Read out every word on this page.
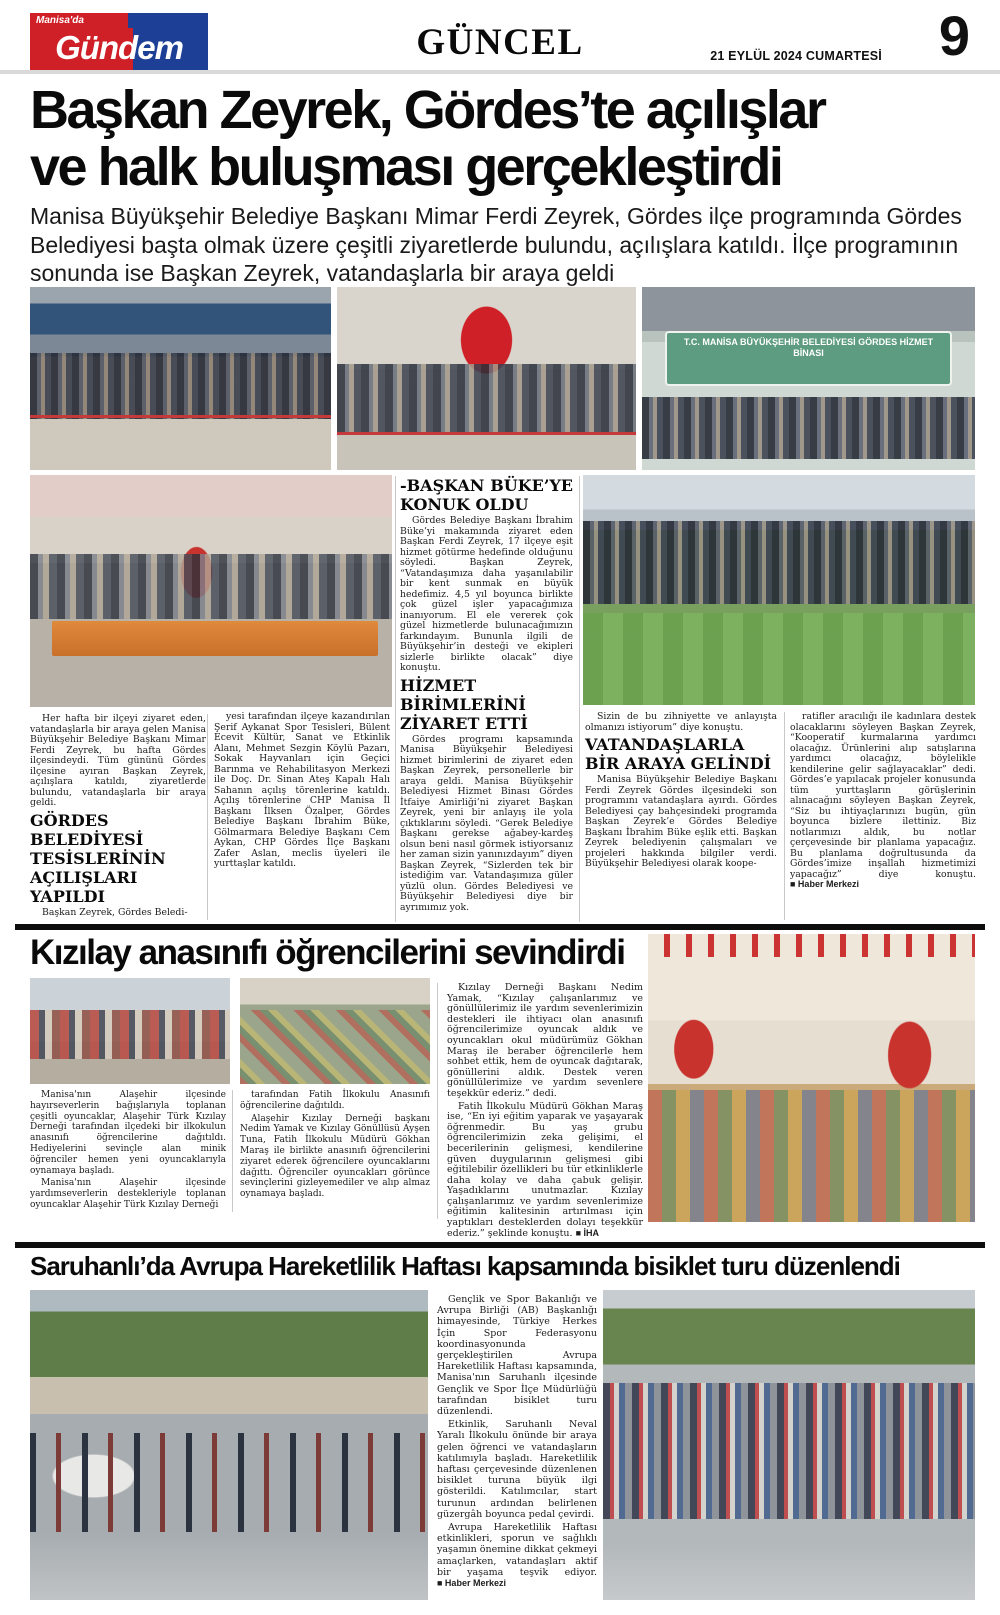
Manisa'da
Gündem	GÜNCEL	21 EYLÜL 2024 CUMARTESİ 9
Başkan Zeyrek, Gördes’te açılışlar
ve halk buluşması gerçekleştirdi
Manisa Büyükşehir Belediye Başkanı Mimar Ferdi Zeyrek, Gördes ilçe programında Gördes Belediyesi başta olmak üzere çeşitli ziyaretlerde bulundu, açılışlara katıldı. İlçe programının sonunda ise Başkan Zeyrek, vatandaşlarla bir araya geldi
T.C. MANİSA BÜYÜKŞEHİR BELEDİYESİ GÖRDES HİZMET BİNASI

Her hafta bir ilçeyi ziyaret eden, vatandaşlarla bir araya gelen Manisa Büyükşehir Belediye Başkanı Mimar Ferdi Zeyrek, bu hafta Gördes ilçesindeydi. Tüm gününü Gördes ilçesine ayıran Başkan Zeyrek, açılışlara katıldı, ziyaretlerde bulundu, vatandaşlarla bir araya geldi.

GÖRDES BELEDİYESİ TESİSLERİNİN AÇILIŞLARI YAPILDI

Başkan Zeyrek, Gördes Beledi-

yesi tarafından ilçeye kazandırılan Şerif Aykanat Spor Tesisleri, Bülent Ecevit Kültür, Sanat ve Etkinlik Alanı, Mehmet Sezgin Köylü Pazarı, Sokak Hayvanları için Geçici Barınma ve Rehabilitasyon Merkezi ile Doç. Dr. Sinan Ateş Kapalı Halı Sahanın açılış törenlerine katıldı. Açılış törenlerine CHP Manisa İl Başkanı İlksen Özalper, Gördes Belediye Başkanı İbrahim Büke, Gölmarmara Belediye Başkanı Cem Aykan, CHP Gördes İlçe Başkanı Zafer Aslan, meclis üyeleri ile yurttaşlar katıldı.

-BAŞKAN BÜKE’YE KONUK OLDU

Gördes Belediye Başkanı İbrahim Büke’yi makamında ziyaret eden Başkan Ferdi Zeyrek, 17 ilçeye eşit hizmet götürme hedefinde olduğunu söyledi. Başkan Zeyrek, “Vatandaşımıza daha yaşanılabilir bir kent sunmak en büyük hedefimiz. 4,5 yıl boyunca birlikte çok güzel işler yapacağımıza inanıyorum. El ele vererek çok güzel hizmetlerde bulunacağımızın farkındayım. Bununla ilgili de Büyükşehir’in desteği ve ekipleri sizlerle birlikte olacak” diye konuştu.

HİZMET BİRİMLERİNİ ZİYARET ETTİ

Gördes programı kapsamında Manisa Büyükşehir Belediyesi hizmet birimlerini de ziyaret eden Başkan Zeyrek, personellerle bir araya geldi. Manisa Büyükşehir Belediyesi Hizmet Binası Gördes İtfaiye Amirliği’ni ziyaret Başkan Zeyrek, yeni bir anlayış ile yola çıktıklarını söyledi. “Gerek Belediye Başkanı gerekse ağabey-kardeş olsun beni nasıl görmek istiyorsanız her zaman sizin yanınızdayım” diyen Başkan Zeyrek, “Sizlerden tek bir istediğim var. Vatandaşımıza güler yüzlü olun. Gördes Belediyesi ve Büyükşehir Belediyesi diye bir ayrımımız yok.

Sizin de bu zihniyette ve anlayışta olmanızı istiyorum” diye konuştu.

VATANDAŞLARLA BİR ARAYA GELİNDİ

Manisa Büyükşehir Belediye Başkanı Ferdi Zeyrek Gördes ilçesindeki son programını vatandaşlara ayırdı. Gördes Belediyesi çay bahçesindeki programda Başkan Zeyrek’e Gördes Belediye Başkanı İbrahim Büke eşlik etti. Başkan Zeyrek belediyenin çalışmaları ve projeleri hakkında bilgiler verdi. Büyükşehir Belediyesi olarak koope-

ratifler aracılığı ile kadınlara destek olacaklarını söyleyen Başkan Zeyrek, “Kooperatif kurmalarına yardımcı olacağız. Ürünlerini alıp satışlarına yardımcı olacağız, böylelikle kendilerine gelir sağlayacaklar” dedi. Gördes’e yapılacak projeler konusunda tüm yurttaşların görüşlerinin alınacağını söyleyen Başkan Zeyrek, “Siz bu ihtiyaçlarınızı bugün, gün boyunca bizlere ilettiniz. Biz notlarımızı aldık, bu notlar çerçevesinde bir planlama yapacağız. Bu planlama doğrultusunda da Gördes’imize inşallah hizmetimizi yapacağız” diye konuştu. ■ Haber Merkezi

Kızılay anasınıfı öğrencilerini sevindirdi

Manisa'nın Alaşehir ilçesinde hayırseverlerin bağışlarıyla toplanan çeşitli oyuncaklar, Alaşehir Türk Kızılay Derneği tarafından ilçedeki bir ilkokulun anasınıfı öğrencilerine dağıtıldı. Hediyelerini sevinçle alan minik öğrenciler hemen yeni oyuncaklarıyla oynamaya başladı.

Manisa'nın Alaşehir ilçesinde yardımseverlerin destekleriyle toplanan oyuncaklar Alaşehir Türk Kızılay Derneği

tarafından Fatih İlkokulu Anasınıfı öğrencilerine dağıtıldı.

Alaşehir Kızılay Derneği başkanı Nedim Yamak ve Kızılay Gönüllüsü Ayşen Tuna, Fatih İlkokulu Müdürü Gökhan Maraş ile birlikte anasınıfı öğrencilerini ziyaret ederek öğrencilere oyuncaklarını dağıttı. Öğrenciler oyuncakları görünce sevinçlerini gizleyemediler ve alıp almaz oynamaya başladı.

Kızılay Derneği Başkanı Nedim Yamak, “Kızılay çalışanlarımız ve gönüllülerimiz ile yardım sevenlerimizin destekleri ile ihtiyacı olan anasınıfı öğrencilerimize oyuncak aldık ve oyuncakları okul müdürümüz Gökhan Maraş ile beraber öğrencilerle hem sohbet ettik, hem de oyuncak dağıtarak, gönüllerini aldık. Destek veren gönüllülerimize ve yardım sevenlere teşekkür ederiz.” dedi.

Fatih İlkokulu Müdürü Gökhan Maraş ise, “En iyi eğitim yaparak ve yaşayarak öğrenmedir. Bu yaş grubu öğrencilerimizin zeka gelişimi, el becerilerinin gelişmesi, kendilerine güven duygularının gelişmesi gibi eğitilebilir özellikleri bu tür etkinliklerle daha kolay ve daha çabuk gelişir. Yaşadıklarını unutmazlar. Kızılay çalışanlarımız ve yardım sevenlerimize eğitimin kalitesinin artırılması için yaptıkları desteklerden dolayı teşekkür ederiz.” şeklinde konuştu. ■ İHA

Saruhanlı’da Avrupa Hareketlilik Haftası kapsamında bisiklet turu düzenlendi

Gençlik ve Spor Bakanlığı ve Avrupa Birliği (AB) Başkanlığı himayesinde, Türkiye Herkes İçin Spor Federasyonu koordinasyonunda gerçekleştirilen Avrupa Hareketlilik Haftası kapsamında, Manisa'nın Saruhanlı ilçesinde Gençlik ve Spor İlçe Müdürlüğü tarafından bisiklet turu düzenlendi.

Etkinlik, Saruhanlı Neval Yaralı İlkokulu önünde bir araya gelen öğrenci ve vatandaşların katılımıyla başladı. Hareketlilik haftası çerçevesinde düzenlenen bisiklet turuna büyük ilgi gösterildi. Katılımcılar, start turunun ardından belirlenen güzergâh boyunca pedal çevirdi.

Avrupa Hareketlilik Haftası etkinlikleri, sporun ve sağlıklı yaşamın önemine dikkat çekmeyi amaçlarken, vatandaşları aktif bir yaşama teşvik ediyor. ■ Haber Merkezi
